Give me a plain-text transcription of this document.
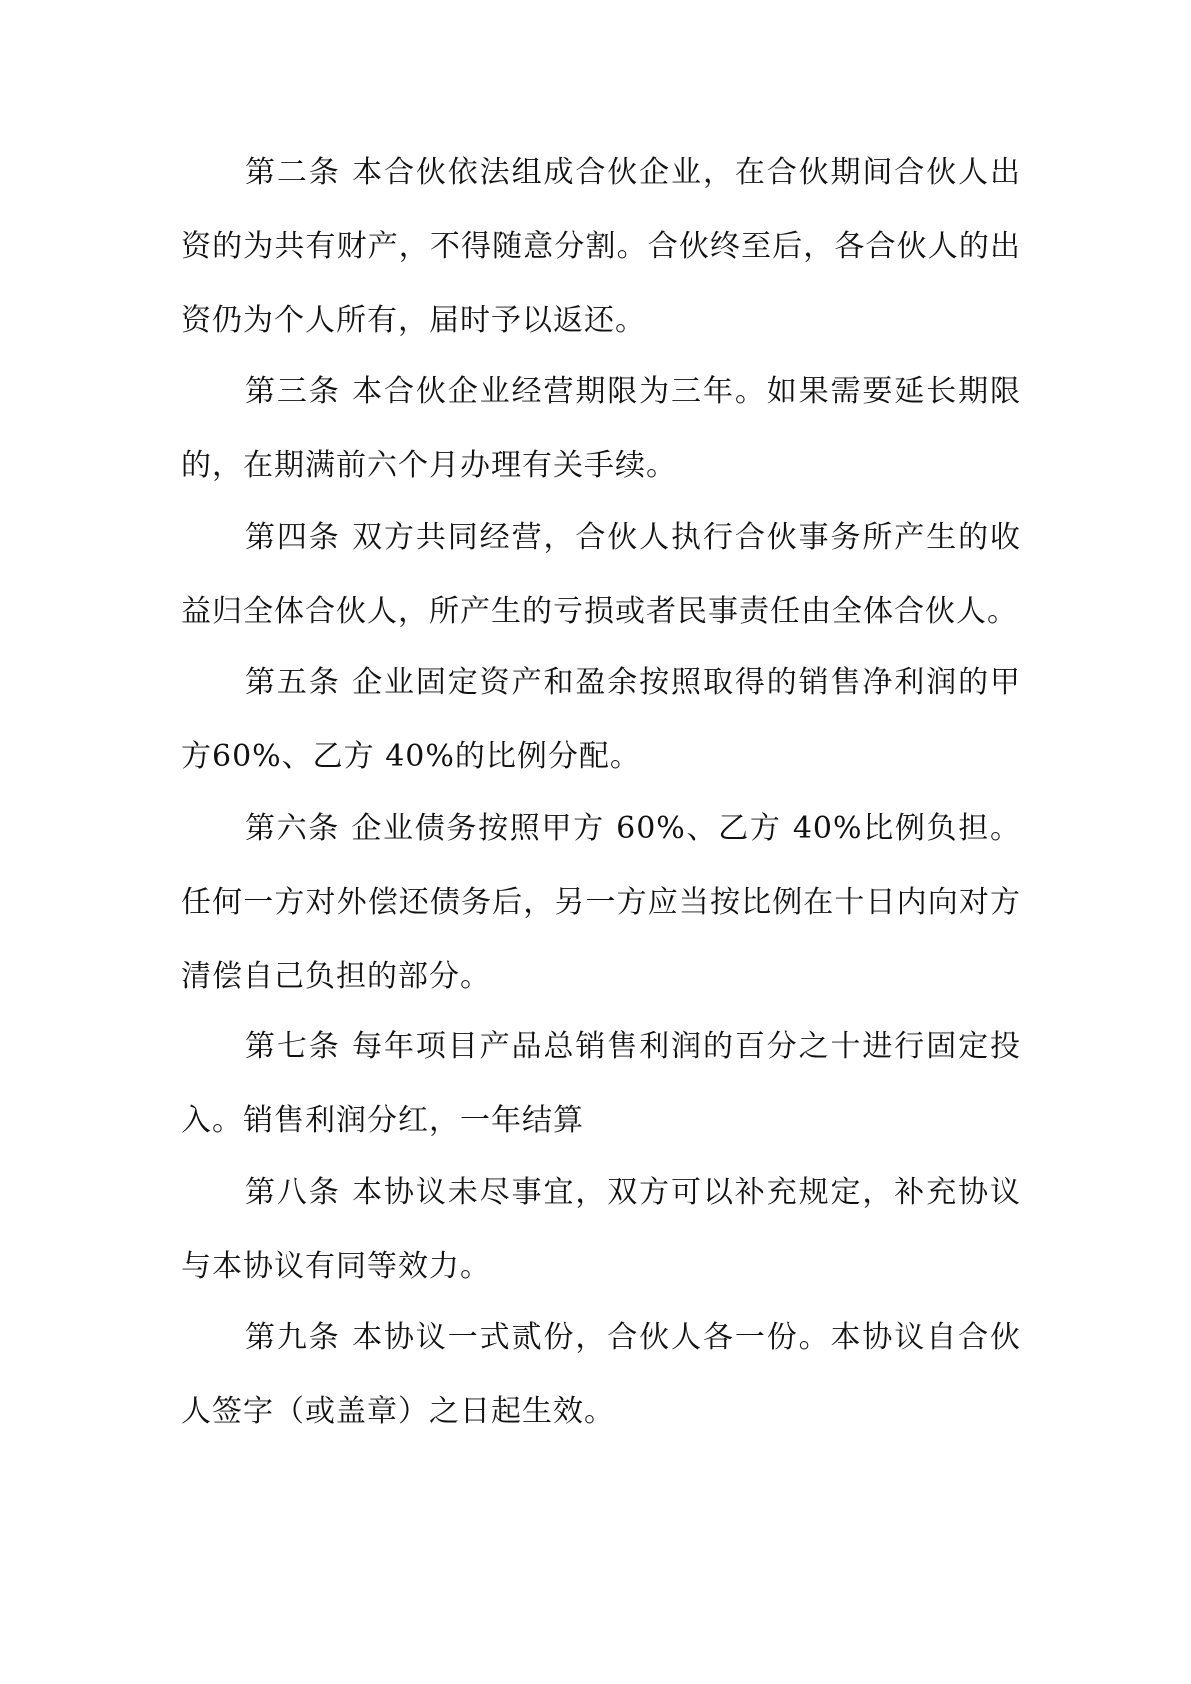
第二条 本合伙依法组成合伙企业，在合伙期间合伙人出资的为共有财产，不得随意分割。合伙终至后，各合伙人的出资仍为个人所有，届时予以返还。

第三条 本合伙企业经营期限为三年。如果需要延长期限的，在期满前六个月办理有关手续。

第四条 双方共同经营，合伙人执行合伙事务所产生的收益归全体合伙人，所产生的亏损或者民事责任由全体合伙人。

第五条 企业固定资产和盈余按照取得的销售净利润的甲方60%、乙方 40%的比例分配。

第六条 企业债务按照甲方 60%、乙方 40%比例负担。任何一方对外偿还债务后，另一方应当按比例在十日内向对方清偿自己负担的部分。

第七条 每年项目产品总销售利润的百分之十进行固定投入。销售利润分红，一年结算

第八条 本协议未尽事宜，双方可以补充规定，补充协议与本协议有同等效力。

第九条 本协议一式贰份，合伙人各一份。本协议自合伙人签字（或盖章）之日起生效。
